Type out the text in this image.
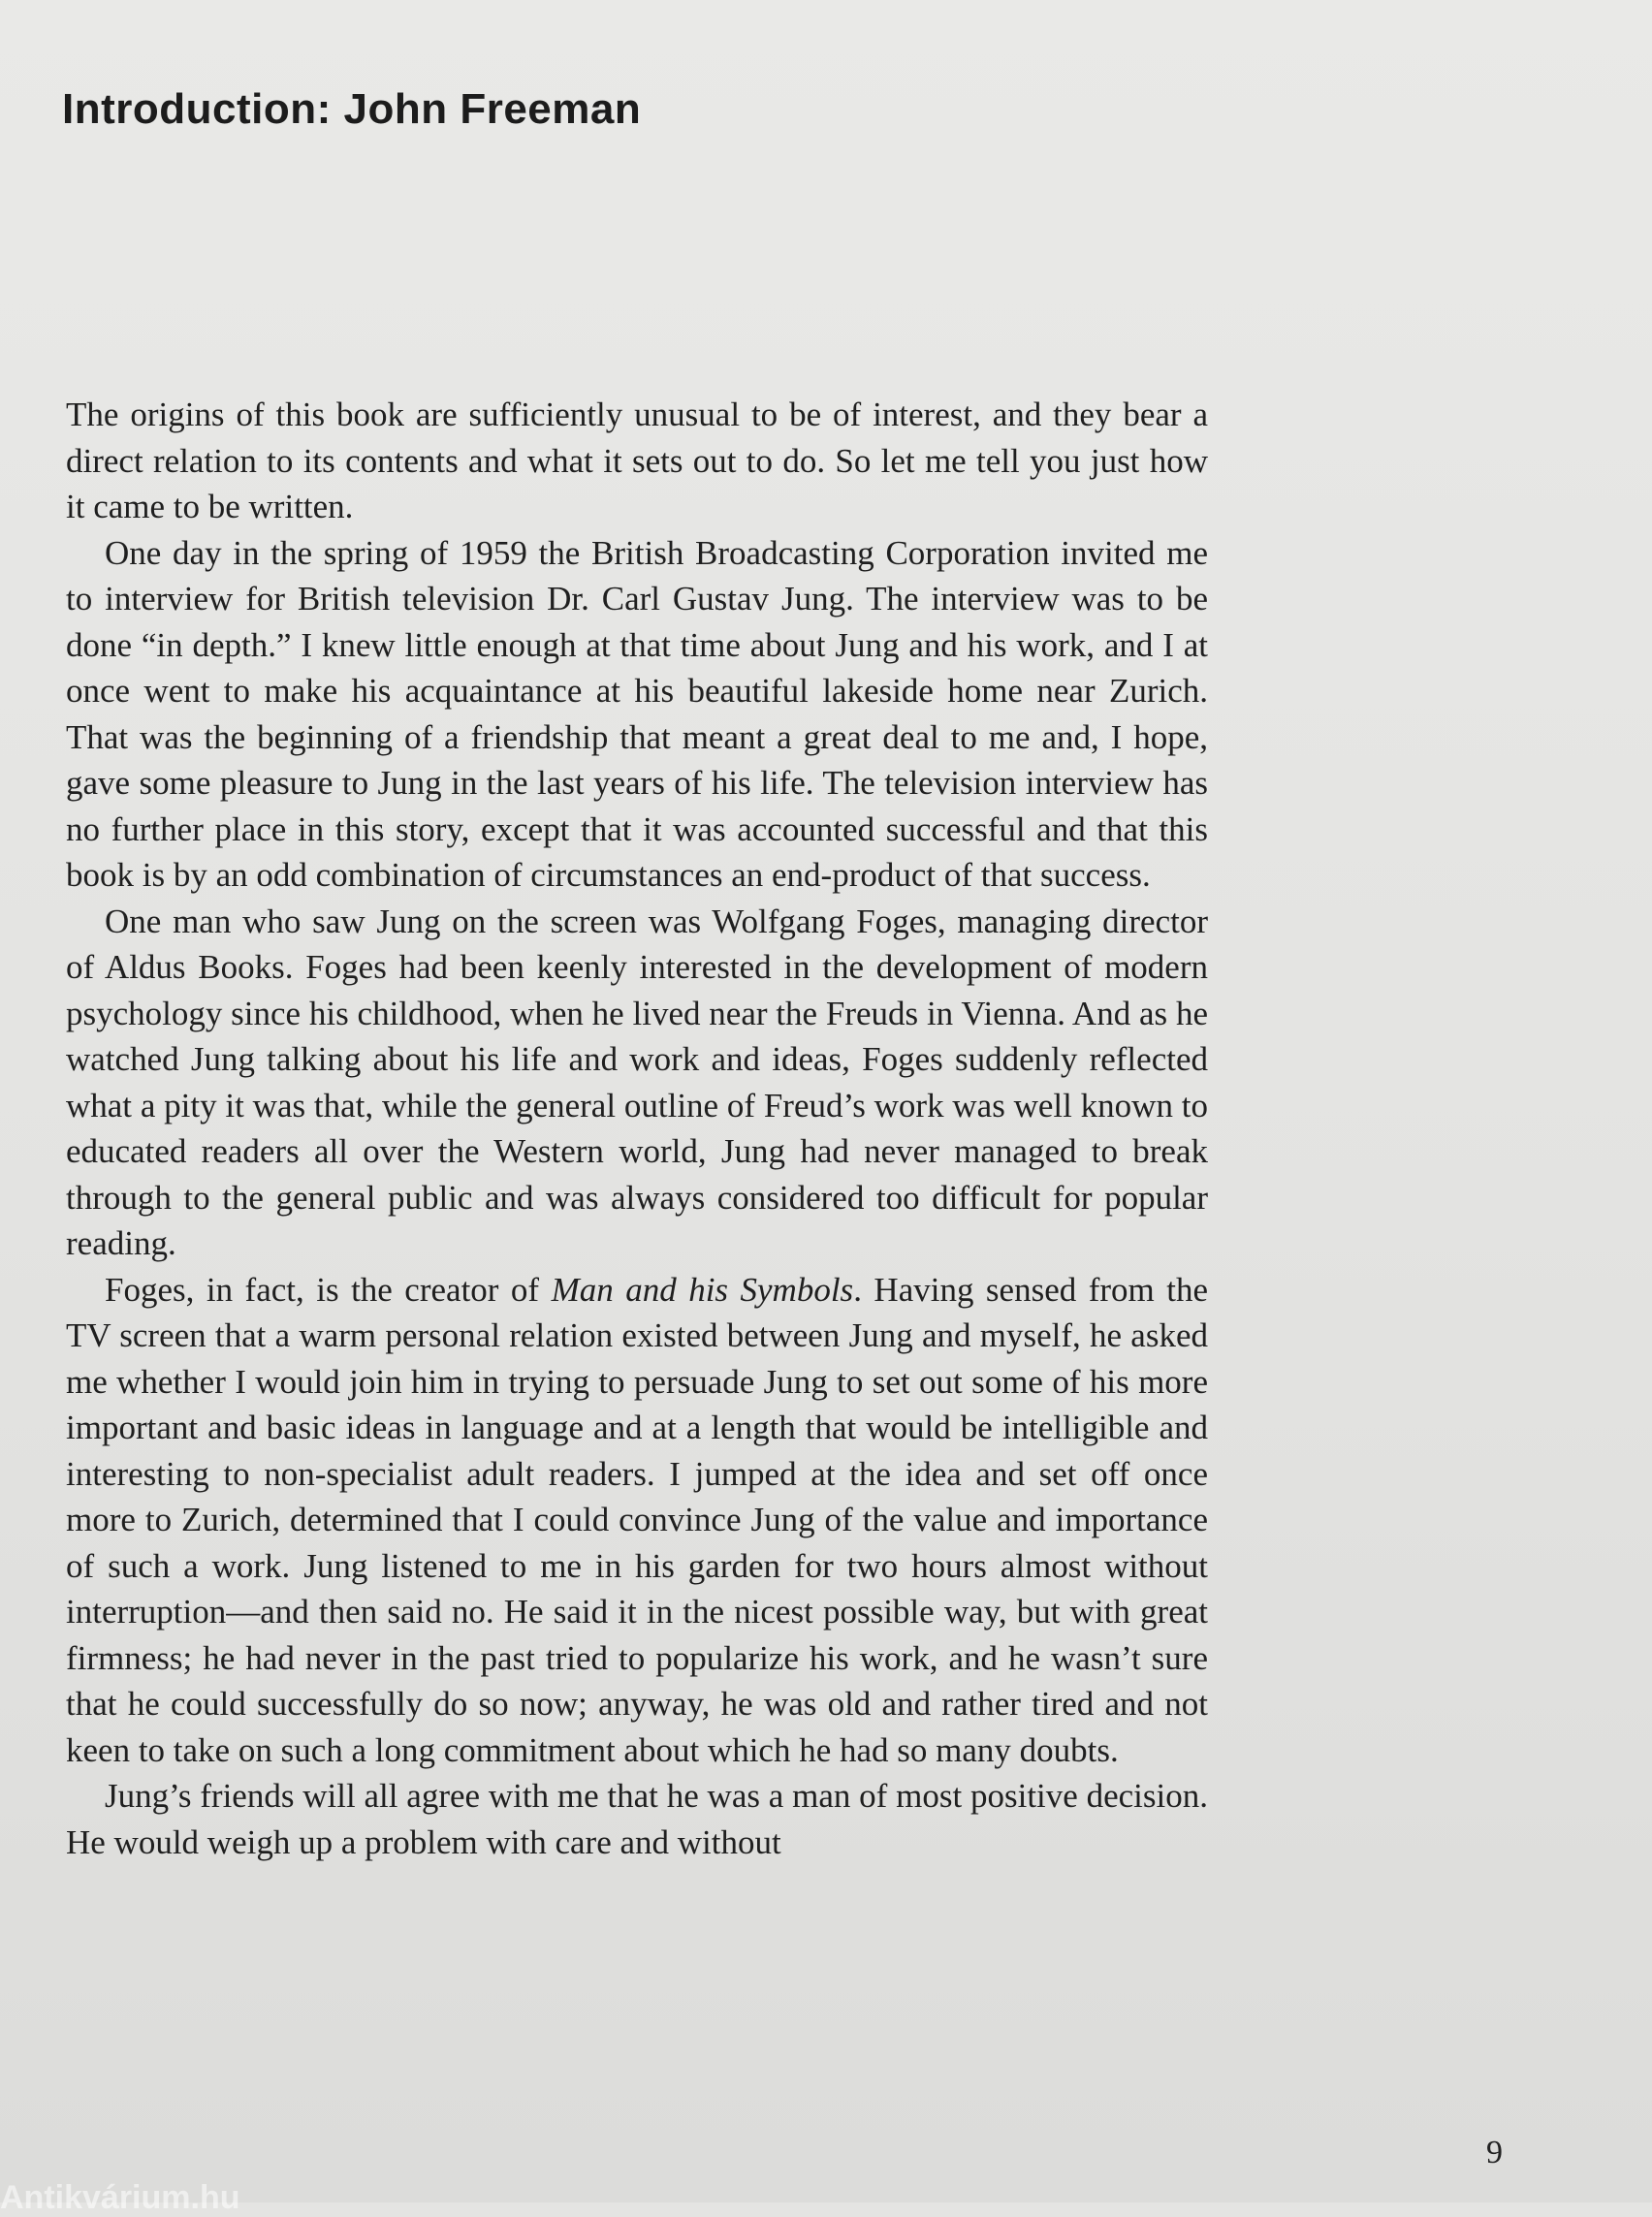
Introduction: John Freeman

The origins of this book are sufficiently unusual to be of interest, and they bear a direct relation to its contents and what it sets out to do. So let me tell you just how it came to be written.

One day in the spring of 1959 the British Broadcasting Corporation invited me to interview for British television Dr. Carl Gustav Jung. The interview was to be done “in depth.” I knew little enough at that time about Jung and his work, and I at once went to make his acquaintance at his beautiful lakeside home near Zurich. That was the beginning of a friendship that meant a great deal to me and, I hope, gave some pleasure to Jung in the last years of his life. The television interview has no further place in this story, except that it was accounted successful and that this book is by an odd combination of circumstances an end-product of that success.

One man who saw Jung on the screen was Wolfgang Foges, managing director of Aldus Books. Foges had been keenly interested in the development of modern psychology since his childhood, when he lived near the Freuds in Vienna. And as he watched Jung talking about his life and work and ideas, Foges suddenly reflected what a pity it was that, while the general outline of Freud’s work was well known to educated readers all over the Western world, Jung had never managed to break through to the general public and was always considered too difficult for popular reading.

Foges, in fact, is the creator of Man and his Symbols. Having sensed from the TV screen that a warm personal relation existed between Jung and myself, he asked me whether I would join him in trying to persuade Jung to set out some of his more important and basic ideas in language and at a length that would be intelligible and interesting to non-specialist adult readers. I jumped at the idea and set off once more to Zurich, determined that I could convince Jung of the value and importance of such a work. Jung listened to me in his garden for two hours almost without interruption—and then said no. He said it in the nicest possible way, but with great firmness; he had never in the past tried to popularize his work, and he wasn’t sure that he could successfully do so now; anyway, he was old and rather tired and not keen to take on such a long commitment about which he had so many doubts.

Jung’s friends will all agree with me that he was a man of most positive decision. He would weigh up a problem with care and without

9
Antikvárium.hu
